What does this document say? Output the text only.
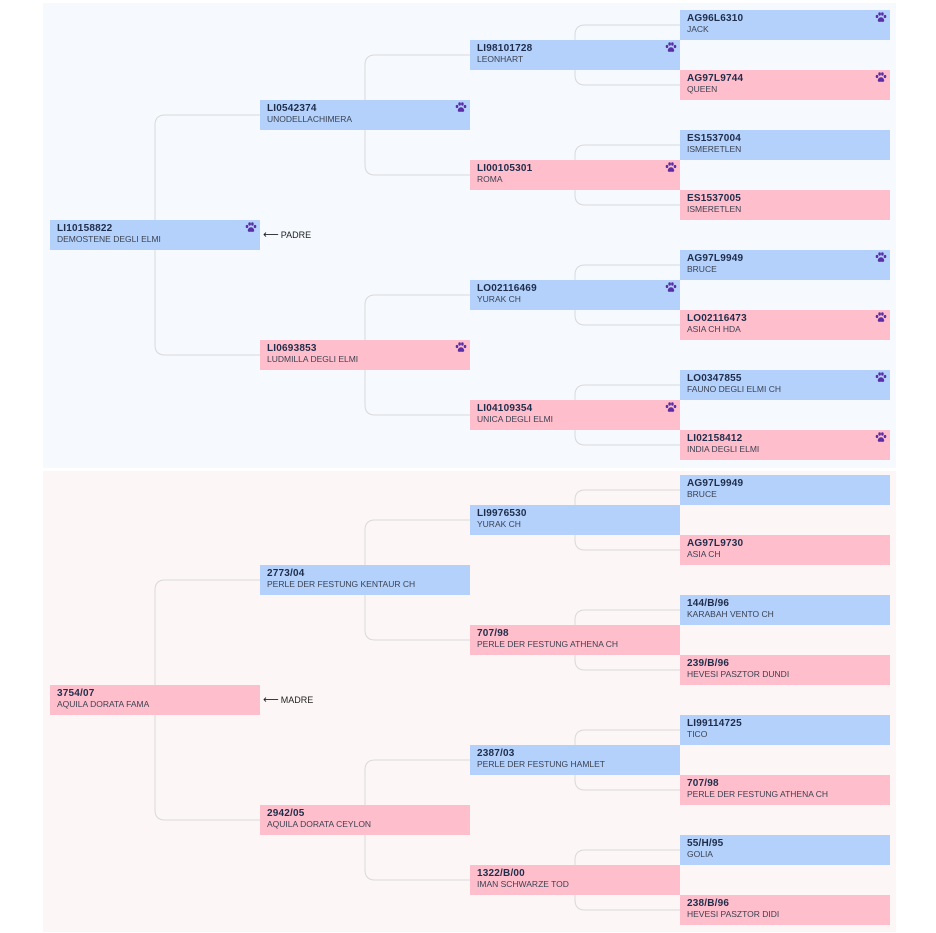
LI10158822
DEMOSTENE DEGLI ELMI	⟵ PADRE
LI0542374
UNODELLACHIMERA
LI0693853
LUDMILLA DEGLI ELMI
LI98101728
LEONHART
LI00105301
ROMA
LO02116469
YURAK CH
LI04109354
UNICA DEGLI ELMI
AG96L6310
JACK
AG97L9744
QUEEN
ES1537004
ISMERETLEN
ES1537005
ISMERETLEN
AG97L9949
BRUCE
LO02116473
ASIA CH HDA
LO0347855
FAUNO DEGLI ELMI CH
LI02158412
INDIA DEGLI ELMI
3754/07
AQUILA DORATA FAMA	⟵ MADRE
2773/04
PERLE DER FESTUNG KENTAUR CH
2942/05
AQUILA DORATA CEYLON
LI9976530
YURAK CH
707/98
PERLE DER FESTUNG ATHENA CH
2387/03
PERLE DER FESTUNG HAMLET
1322/B/00
IMAN SCHWARZE TOD
AG97L9949
BRUCE
AG97L9730
ASIA CH
144/B/96
KARABAH VENTO CH
239/B/96
HEVESI PASZTOR DUNDI
LI99114725
TICO
707/98
PERLE DER FESTUNG ATHENA CH
55/H/95
GOLIA
238/B/96
HEVESI PASZTOR DIDI
